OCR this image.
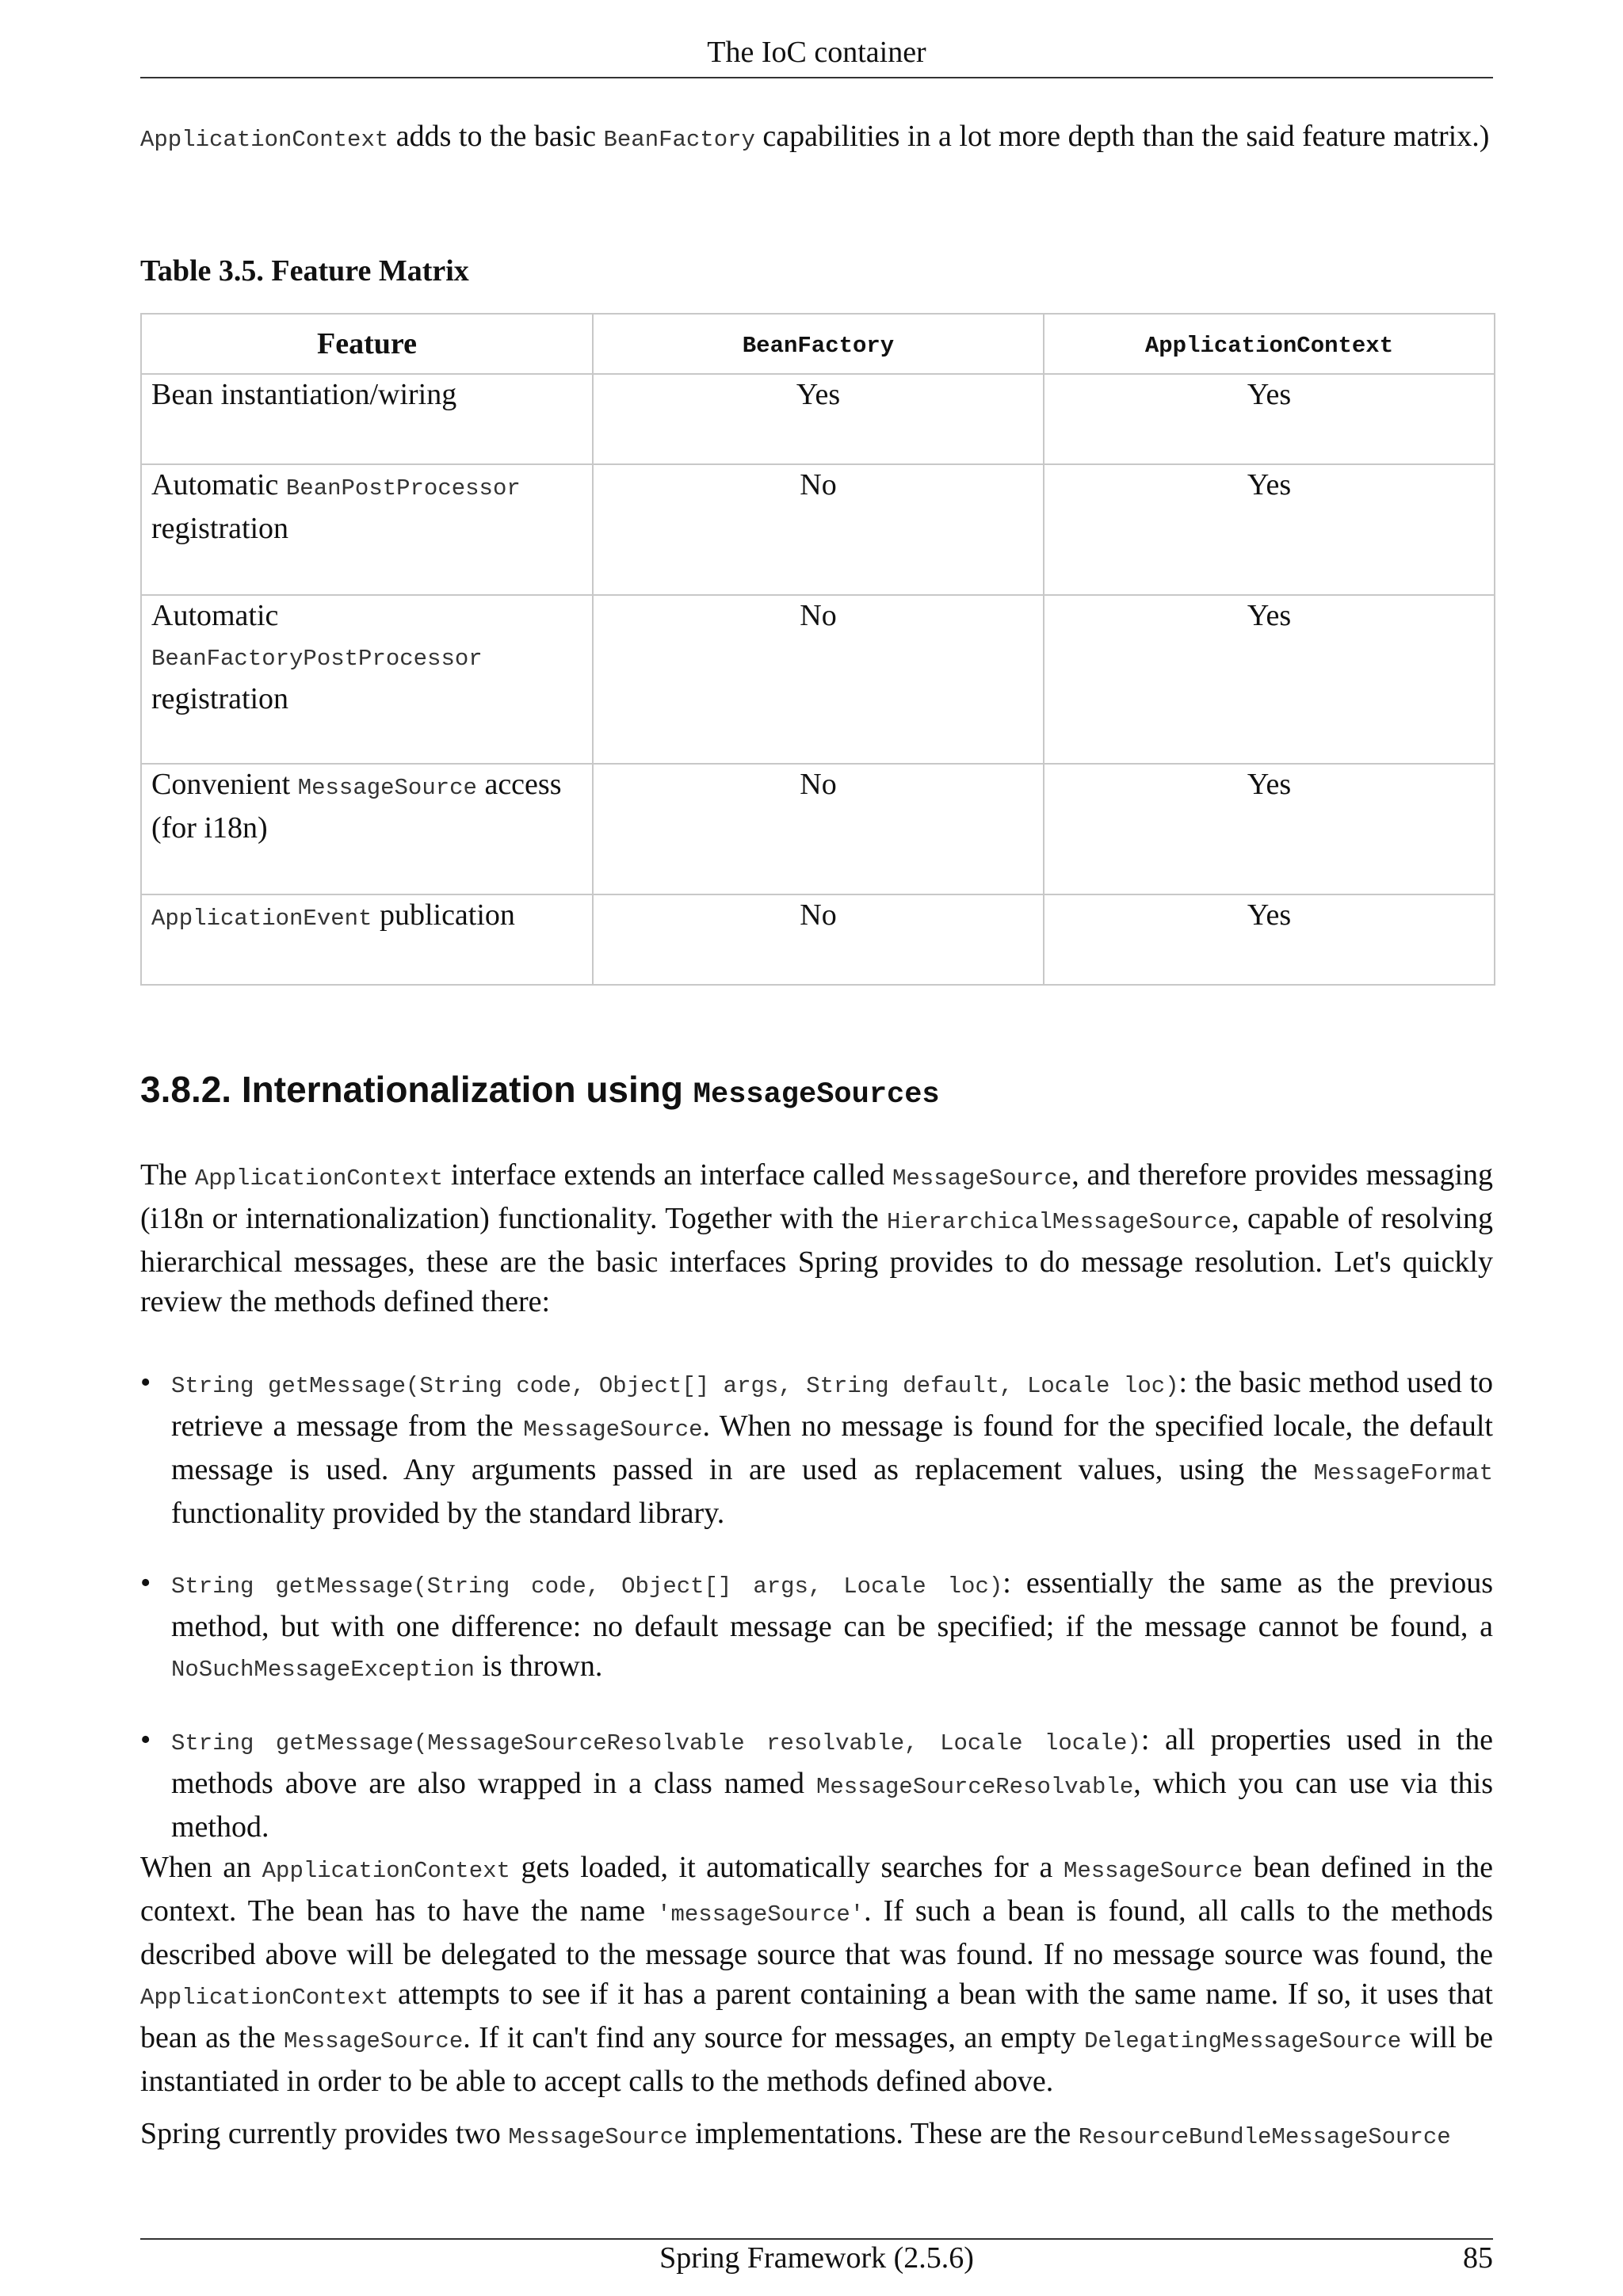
The IoC container
ApplicationContext adds to the basic BeanFactory capabilities in a lot more depth than the said feature matrix.)
Table 3.5. Feature Matrix
Feature	BeanFactory	ApplicationContext
Bean instantiation/wiring	Yes	Yes
Automatic BeanPostProcessor
registration	No	Yes
Automatic
BeanFactoryPostProcessor
registration	No	Yes
Convenient MessageSource access (for i18n)	No	Yes
ApplicationEvent publication	No	Yes
3.8.2. Internationalization using MessageSources
The ApplicationContext interface extends an interface called MessageSource, and therefore provides messaging (i18n or internationalization) functionality. Together with the HierarchicalMessageSource, capable of resolving hierarchical messages, these are the basic interfaces Spring provides to do message resolution. Let's quickly review the methods defined there:
• String getMessage(String code, Object[] args, String default, Locale loc): the basic method used to retrieve a message from the MessageSource. When no message is found for the specified locale, the default message is used. Any arguments passed in are used as replacement values, using the MessageFormat functionality provided by the standard library.
• String getMessage(String code, Object[] args, Locale loc): essentially the same as the previous method, but with one difference: no default message can be specified; if the message cannot be found, a NoSuchMessageException is thrown.
• String getMessage(MessageSourceResolvable resolvable, Locale locale): all properties used in the methods above are also wrapped in a class named MessageSourceResolvable, which you can use via this method.
When an ApplicationContext gets loaded, it automatically searches for a MessageSource bean defined in the context. The bean has to have the name 'messageSource'. If such a bean is found, all calls to the methods described above will be delegated to the message source that was found. If no message source was found, the ApplicationContext attempts to see if it has a parent containing a bean with the same name. If so, it uses that bean as the MessageSource. If it can't find any source for messages, an empty DelegatingMessageSource will be instantiated in order to be able to accept calls to the methods defined above.
Spring currently provides two MessageSource implementations. These are the ResourceBundleMessageSource
Spring Framework (2.5.6)	85
